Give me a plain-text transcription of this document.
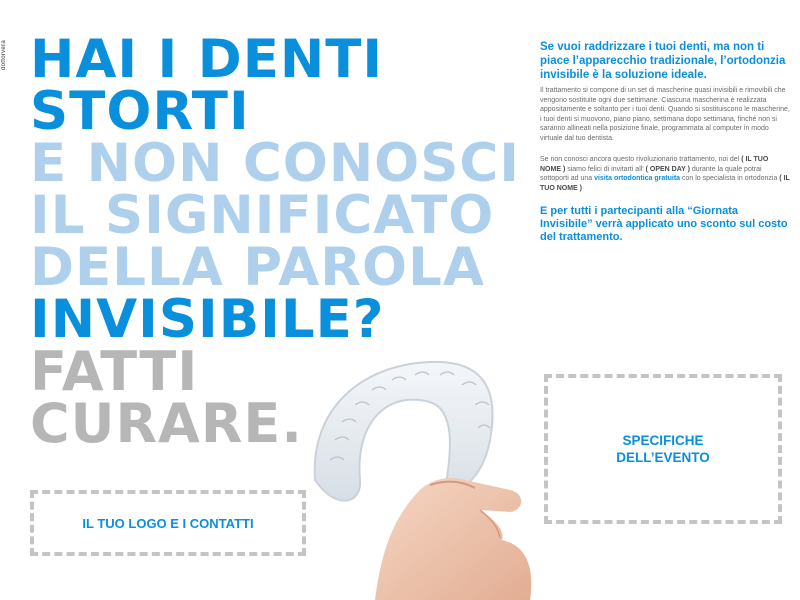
dottorvera HAI I DENTI
STORTI
E NON CONOSCI
IL SIGNIFICATO
DELLA PAROLA
INVISIBILE?
FATTI
CURARE.

Se vuoi raddrizzare i tuoi denti, ma non ti piace l’apparecchio tradizionale, l’ortodonzia invisibile è la soluzione ideale.

Il trattamento si compone di un set di mascherine quasi invisibili e rimovibili che vengono sostituite ogni due settimane. Ciascuna mascherina è realizzata appositamente e soltanto per i tuoi denti. Quando si sostituiscono le mascherine, i tuoi denti si muovono, piano piano, settimana dopo settimana, finché non si saranno allineati nella posizione finale, programmata al computer in modo virtuale dal tuo dentista.

Se non conosci ancora questo rivoluzionario trattamento, noi del ( IL TUO NOME ) siamo felici di invitarti all' ( OPEN DAY ) durante la quale potrai sottoporti ad una visita ortodontica gratuita con lo specialista in ortodonzia ( IL TUO NOME )

E per tutti i partecipanti alla “Giornata Invisibile” verrà applicato uno sconto sul costo del trattamento.

IL TUO LOGO E I CONTATTI
SPECIFICHE
DELL’EVENTO
